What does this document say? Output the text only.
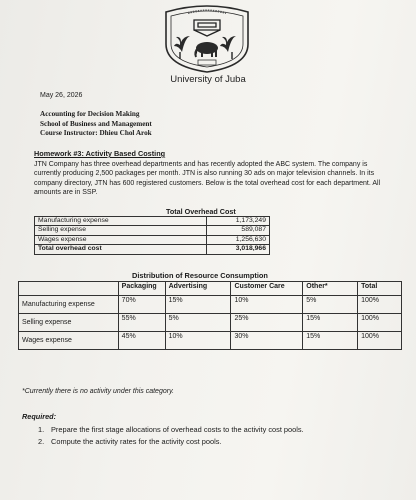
University of Juba
May 26, 2026
Accounting for Decision Making
School of Business and Management
Course Instructor: Dhieu Chol Arok
Homework #3: Activity Based Costing
JTN Company has three overhead departments and has recently adopted the ABC system. The company is currently producing 2,500 packages per month. JTN is also running 30 ads on major television channels. In its company directory, JTN has 600 registered customers. Below is the total overhead cost for each department. All amounts are in SSP.
Total Overhead Cost
Manufacturing expense	1,173,249
Selling expense	589,087
Wages expense	1,256,630
Total overhead cost	3,018,966
Distribution of Resource Consumption
	Packaging	Advertising	Customer Care	Other*	Total
Manufacturing expense	70%	15%	10%	5%	100%
Selling expense	55%	5%	25%	15%	100%
Wages expense	45%	10%	30%	15%	100%
*Currently there is no activity under this category.
Required:
1. Prepare the first stage allocations of overhead costs to the activity cost pools.
2. Compute the activity rates for the activity cost pools.
